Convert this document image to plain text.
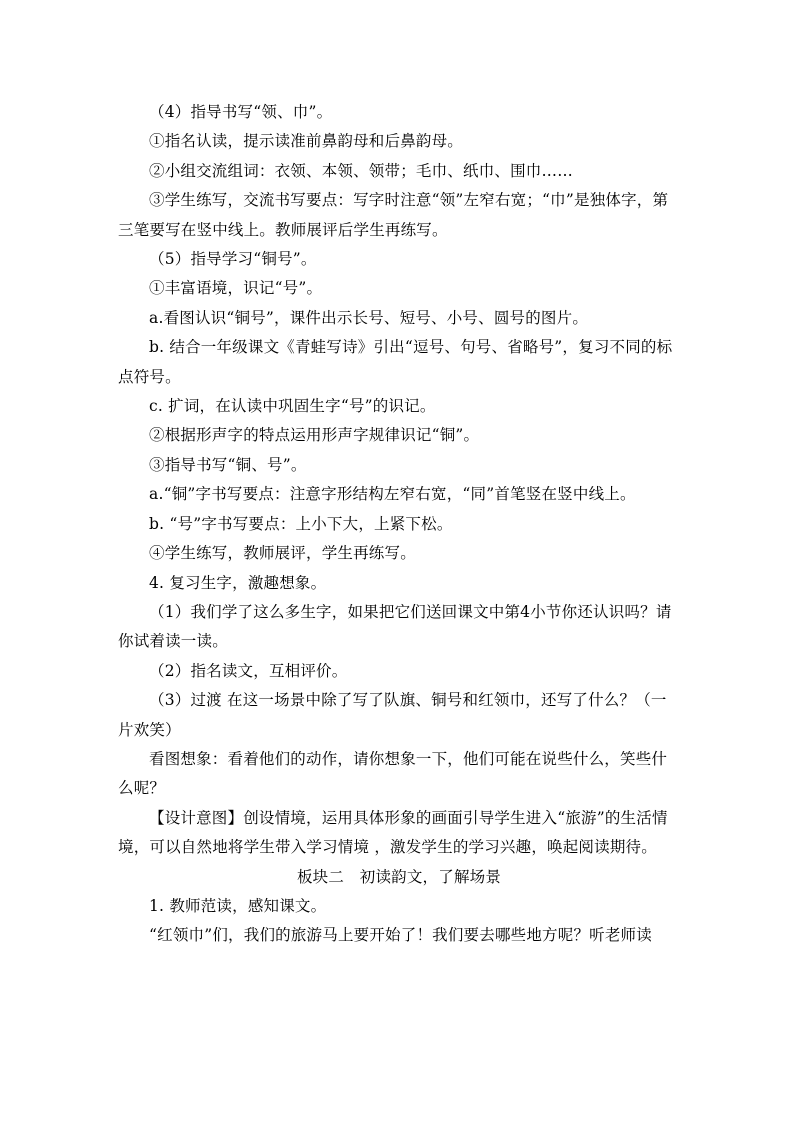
（4）指导书写“领、巾”。

①指名认读，提示读准前鼻韵母和后鼻韵母。

②小组交流组词：衣领、本领、领带；毛巾、纸巾、围巾……

③学生练写，交流书写要点：写字时注意“领”左窄右宽；“巾”是独体字，第三笔要写在竖中线上。教师展评后学生再练写。

（5）指导学习“铜号”。

①丰富语境，识记“号”。

a.看图认识“铜号”，课件出示长号、短号、小号、圆号的图片。

b. 结合一年级课文《青蛙写诗》引出“逗号、句号、省略号”，复习不同的标点符号。

c. 扩词，在认读中巩固生字“号”的识记。

②根据形声字的特点运用形声字规律识记“铜”。

③指导书写“铜、号”。

a.“铜”字书写要点：注意字形结构左窄右宽，“同”首笔竖在竖中线上。

b. “号”字书写要点：上小下大，上紧下松。

④学生练写，教师展评，学生再练写。

4. 复习生字，激趣想象。

（1）我们学了这么多生字，如果把它们送回课文中第4小节你还认识吗？请你试着读一读。

（2）指名读文，互相评价。

（3）过渡 在这一场景中除了写了队旗、铜号和红领巾，还写了什么？（一片欢笑）

看图想象：看着他们的动作，请你想象一下，他们可能在说些什么，笑些什么呢？

【设计意图】创设情境，运用具体形象的画面引导学生进入“旅游”的生活情境，可以自然地将学生带入学习情境 ，激发学生的学习兴趣，唤起阅读期待。

板块二　初读韵文，了解场景

1. 教师范读，感知课文。

“红领巾”们，我们的旅游马上要开始了！我们要去哪些地方呢？听老师读
